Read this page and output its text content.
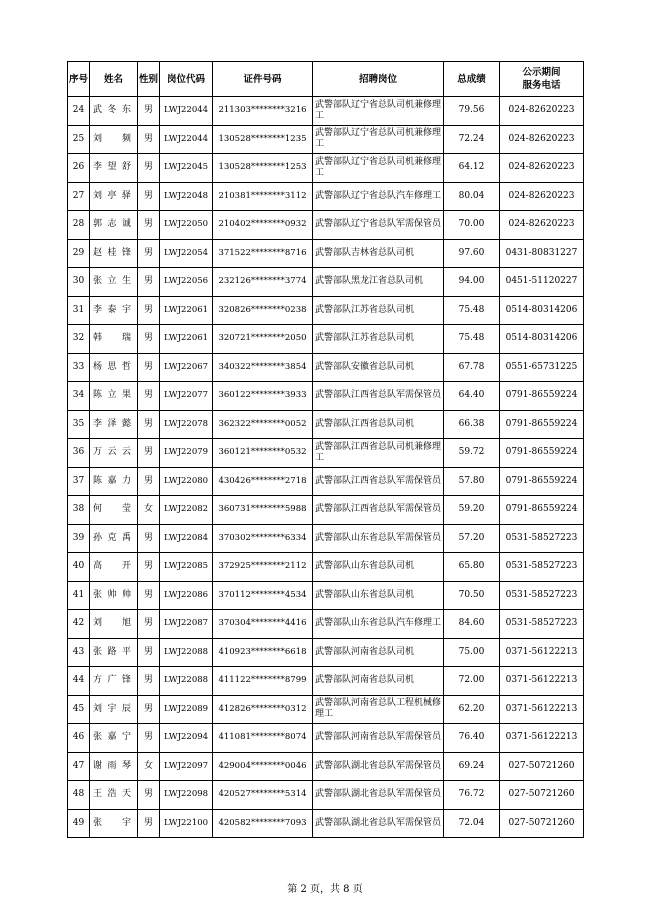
序号	姓名	性别	岗位代码	证件号码	招聘岗位	总成绩	公示期间
服务电话

24	武冬东	男	LWJ22044	211303********3216	武警部队辽宁省总队司机兼修理工	79.56	024-82620223
25	刘　频	男	LWJ22044	130528********1235	武警部队辽宁省总队司机兼修理工	72.24	024-82620223
26	李望舒	男	LWJ22045	130528********1253	武警部队辽宁省总队司机兼修理工	64.12	024-82620223
27	刘亭驿	男	LWJ22048	210381********3112	武警部队辽宁省总队汽车修理工	80.04	024-82620223
28	郭志诚	男	LWJ22050	210402********0932	武警部队辽宁省总队军需保管员	70.00	024-82620223
29	赵桂锋	男	LWJ22054	371522********8716	武警部队吉林省总队司机	97.60	0431-80831227
30	张立生	男	LWJ22056	232126********3774	武警部队黑龙江省总队司机	94.00	0451-51120227
31	李泰宇	男	LWJ22061	320826********0238	武警部队江苏省总队司机	75.48	0514-80314206
32	韩　瑞	男	LWJ22061	320721********2050	武警部队江苏省总队司机	75.48	0514-80314206
33	杨思哲	男	LWJ22067	340322********3854	武警部队安徽省总队司机	67.78	0551-65731225
34	陈立果	男	LWJ22077	360122********3933	武警部队江西省总队军需保管员	64.40	0791-86559224
35	李泽懿	男	LWJ22078	362322********0052	武警部队江西省总队司机	66.38	0791-86559224
36	万云云	男	LWJ22079	360121********0532	武警部队江西省总队司机兼修理工	59.72	0791-86559224
37	陈嘉力	男	LWJ22080	430426********2718	武警部队江西省总队军需保管员	57.80	0791-86559224
38	何　莹	女	LWJ22082	360731********5988	武警部队江西省总队军需保管员	59.20	0791-86559224
39	孙克禹	男	LWJ22084	370302********6334	武警部队山东省总队军需保管员	57.20	0531-58527223
40	高　开	男	LWJ22085	372925********2112	武警部队山东省总队司机	65.80	0531-58527223
41	张帅帅	男	LWJ22086	370112********4534	武警部队山东省总队司机	70.50	0531-58527223
42	刘　旭	男	LWJ22087	370304********4416	武警部队山东省总队汽车修理工	84.60	0531-58527223
43	张路平	男	LWJ22088	410923********6618	武警部队河南省总队司机	75.00	0371-56122213
44	方广锋	男	LWJ22088	411122********8799	武警部队河南省总队司机	72.00	0371-56122213
45	刘宇辰	男	LWJ22089	412826********0312	武警部队河南省总队工程机械修理工	62.20	0371-56122213
46	张嘉宁	男	LWJ22094	411081********8074	武警部队河南省总队军需保管员	76.40	0371-56122213
47	谢雨琴	女	LWJ22097	429004********0046	武警部队湖北省总队军需保管员	69.24	027-50721260
48	王浩天	男	LWJ22098	420527********5314	武警部队湖北省总队军需保管员	76.72	027-50721260
49	张　宇	男	LWJ22100	420582********7093	武警部队湖北省总队军需保管员	72.04	027-50721260
第 2 页，共 8 页
